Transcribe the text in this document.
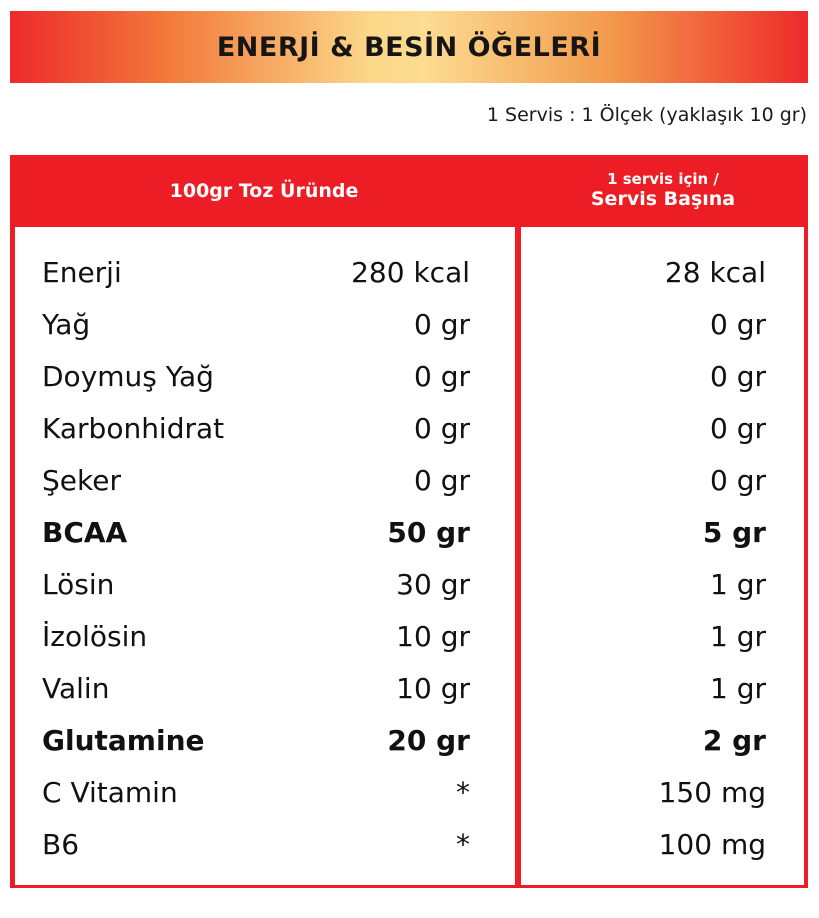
ENERJİ & BESİN ÖĞELERİ
1 Servis : 1 Ölçek (yaklaşık 10 gr)
100gr Toz Üründe
1 servis için /
Servis Başına
Enerji	280 kcal	28 kcal
Yağ	0 gr	0 gr
Doymuş Yağ	0 gr	0 gr
Karbonhidrat	0 gr	0 gr
Şeker	0 gr	0 gr
BCAA	50 gr	5 gr
Lösin	30 gr	1 gr
İzolösin	10 gr	1 gr
Valin	10 gr	1 gr
Glutamine	20 gr	2 gr
C Vitamin	*	150 mg
B6	*	100 mg
